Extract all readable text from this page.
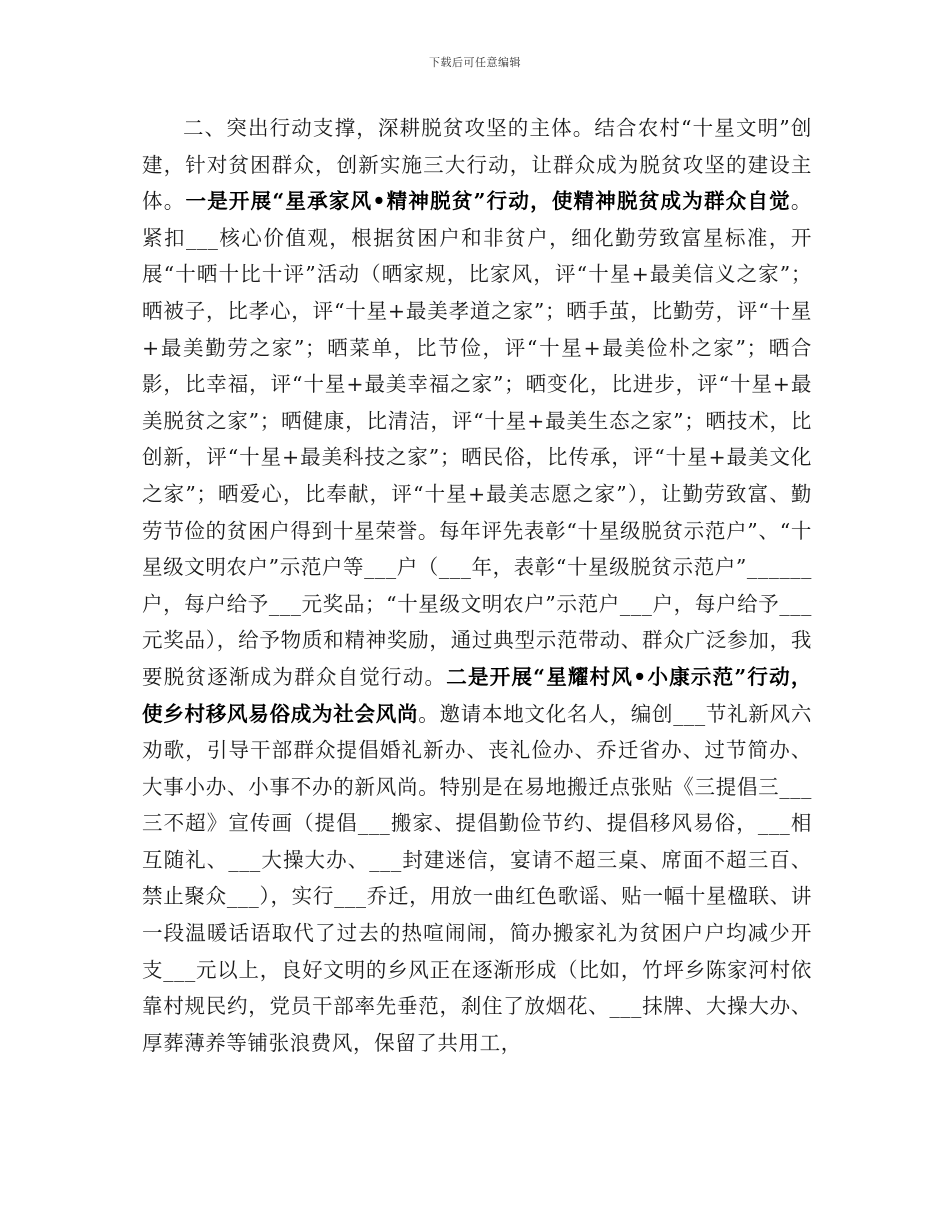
下载后可任意编辑

二、突出行动支撑，深耕脱贫攻坚的主体。结合农村“十星文明”创建，针对贫困群众，创新实施三大行动，让群众成为脱贫攻坚的建设主体。一是开展“星承家风•精神脱贫”行动，使精神脱贫成为群众自觉。紧扣___核心价值观，根据贫困户和非贫户，细化勤劳致富星标准，开展“十晒十比十评”活动（晒家规，比家风，评“十星+最美信义之家”；晒被子，比孝心，评“十星+最美孝道之家”；晒手茧，比勤劳，评“十星+最美勤劳之家”；晒菜单，比节俭，评“十星+最美俭朴之家”；晒合影，比幸福，评“十星+最美幸福之家”；晒变化，比进步，评“十星+最美脱贫之家”；晒健康，比清洁，评“十星+最美生态之家”；晒技术，比创新，评“十星+最美科技之家”；晒民俗，比传承，评“十星+最美文化之家”；晒爱心，比奉献，评“十星+最美志愿之家”），让勤劳致富、勤劳节俭的贫困户得到十星荣誉。每年评先表彰“十星级脱贫示范户”、“十星级文明农户”示范户等___户（___年，表彰“十星级脱贫示范户”______户，每户给予___元奖品；“十星级文明农户”示范户___户，每户给予___元奖品），给予物质和精神奖励，通过典型示范带动、群众广泛参加，我要脱贫逐渐成为群众自觉行动。二是开展“星耀村风•小康示范”行动，使乡村移风易俗成为社会风尚。邀请本地文化名人，编创___节礼新风六劝歌，引导干部群众提倡婚礼新办、丧礼俭办、乔迁省办、过节简办、大事小办、小事不办的新风尚。特别是在易地搬迁点张贴《三提倡三___三不超》宣传画（提倡___搬家、提倡勤俭节约、提倡移风易俗，___相互随礼、___大操大办、___封建迷信，宴请不超三桌、席面不超三百、禁止聚众___），实行___乔迁，用放一曲红色歌谣、贴一幅十星楹联、讲一段温暖话语取代了过去的热喧闹闹，简办搬家礼为贫困户户均减少开支___元以上，良好文明的乡风正在逐渐形成（比如，竹坪乡陈家河村依靠村规民约，党员干部率先垂范，刹住了放烟花、___抹牌、大操大办、厚葬薄养等铺张浪费风，保留了共用工，
